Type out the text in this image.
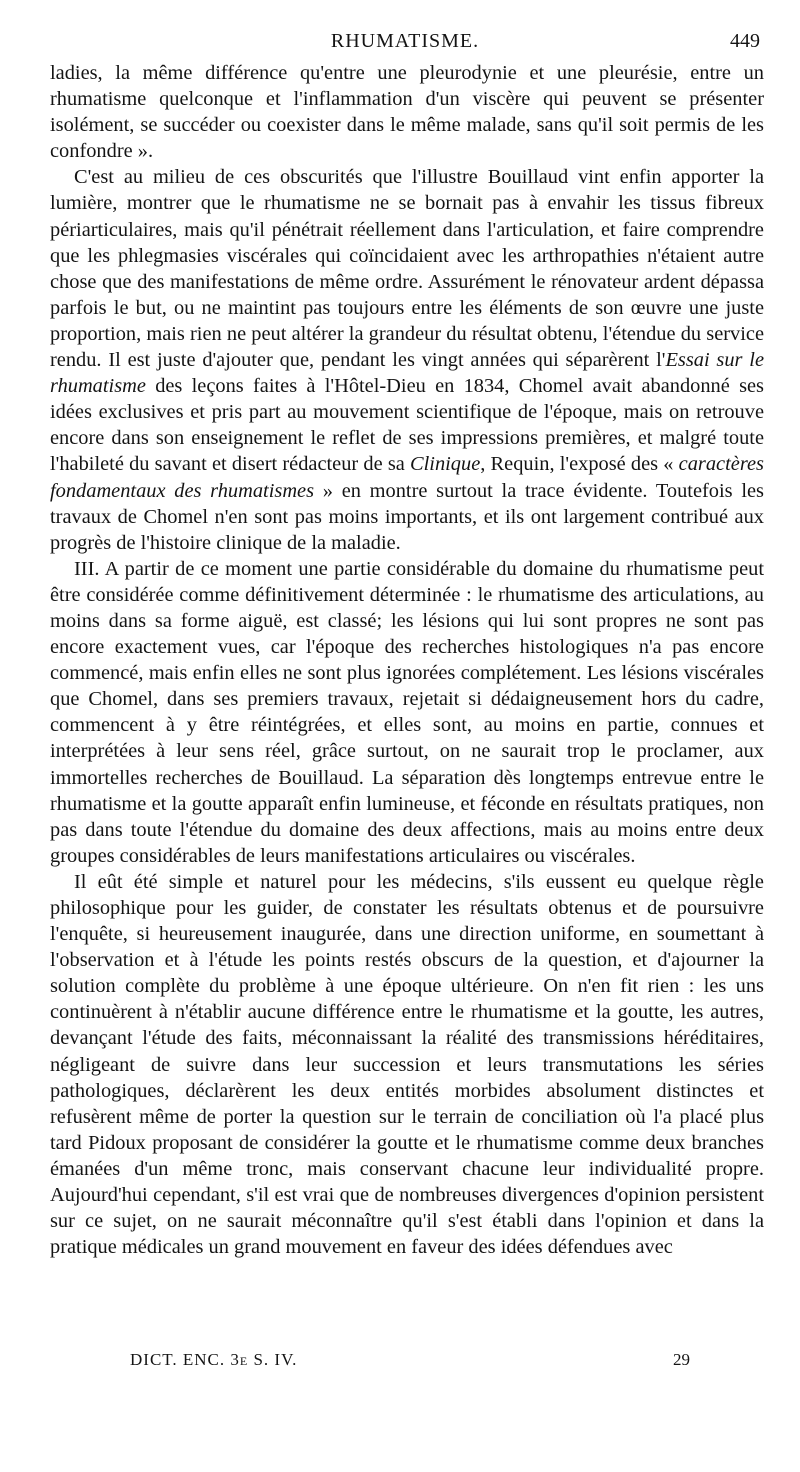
RHUMATISME.	449

ladies, la même différence qu'entre une pleurodynie et une pleurésie, entre un rhumatisme quelconque et l'inflammation d'un viscère qui peuvent se présenter isolément, se succéder ou coexister dans le même malade, sans qu'il soit permis de les confondre ».

C'est au milieu de ces obscurités que l'illustre Bouillaud vint enfin apporter la lumière, montrer que le rhumatisme ne se bornait pas à envahir les tissus fibreux périarticulaires, mais qu'il pénétrait réellement dans l'articulation, et faire comprendre que les phlegmasies viscérales qui coïncidaient avec les arthropathies n'étaient autre chose que des manifestations de même ordre. Assurément le rénovateur ardent dépassa parfois le but, ou ne maintint pas toujours entre les éléments de son œuvre une juste proportion, mais rien ne peut altérer la grandeur du résultat obtenu, l'étendue du service rendu. Il est juste d'ajouter que, pendant les vingt années qui séparèrent l'Essai sur le rhumatisme des leçons faites à l'Hôtel-Dieu en 1834, Chomel avait abandonné ses idées exclusives et pris part au mouvement scientifique de l'époque, mais on retrouve encore dans son enseignement le reflet de ses impressions premières, et malgré toute l'habileté du savant et disert rédacteur de sa Clinique, Requin, l'exposé des « caractères fondamentaux des rhumatismes » en montre surtout la trace évidente. Toutefois les travaux de Chomel n'en sont pas moins importants, et ils ont largement contribué aux progrès de l'histoire clinique de la maladie.

III. A partir de ce moment une partie considérable du domaine du rhumatisme peut être considérée comme définitivement déterminée : le rhumatisme des articulations, au moins dans sa forme aiguë, est classé; les lésions qui lui sont propres ne sont pas encore exactement vues, car l'époque des recherches histologiques n'a pas encore commencé, mais enfin elles ne sont plus ignorées complétement. Les lésions viscérales que Chomel, dans ses premiers travaux, rejetait si dédaigneusement hors du cadre, commencent à y être réintégrées, et elles sont, au moins en partie, connues et interprétées à leur sens réel, grâce surtout, on ne saurait trop le proclamer, aux immortelles recherches de Bouillaud. La séparation dès longtemps entrevue entre le rhumatisme et la goutte apparaît enfin lumineuse, et féconde en résultats pratiques, non pas dans toute l'étendue du domaine des deux affections, mais au moins entre deux groupes considérables de leurs manifestations articulaires ou viscérales.

Il eût été simple et naturel pour les médecins, s'ils eussent eu quelque règle philosophique pour les guider, de constater les résultats obtenus et de poursuivre l'enquête, si heureusement inaugurée, dans une direction uniforme, en soumettant à l'observation et à l'étude les points restés obscurs de la question, et d'ajourner la solution complète du problème à une époque ultérieure. On n'en fit rien : les uns continuèrent à n'établir aucune différence entre le rhumatisme et la goutte, les autres, devançant l'étude des faits, méconnaissant la réalité des transmissions héréditaires, négligeant de suivre dans leur succession et leurs transmutations les séries pathologiques, déclarèrent les deux entités morbides absolument distinctes et refusèrent même de porter la question sur le terrain de conciliation où l'a placé plus tard Pidoux proposant de considérer la goutte et le rhumatisme comme deux branches émanées d'un même tronc, mais conservant chacune leur individualité propre. Aujourd'hui cependant, s'il est vrai que de nombreuses divergences d'opinion persistent sur ce sujet, on ne saurait méconnaître qu'il s'est établi dans l'opinion et dans la pratique médicales un grand mouvement en faveur des idées défendues avec

DICT. ENC. 3e S. IV.	29
